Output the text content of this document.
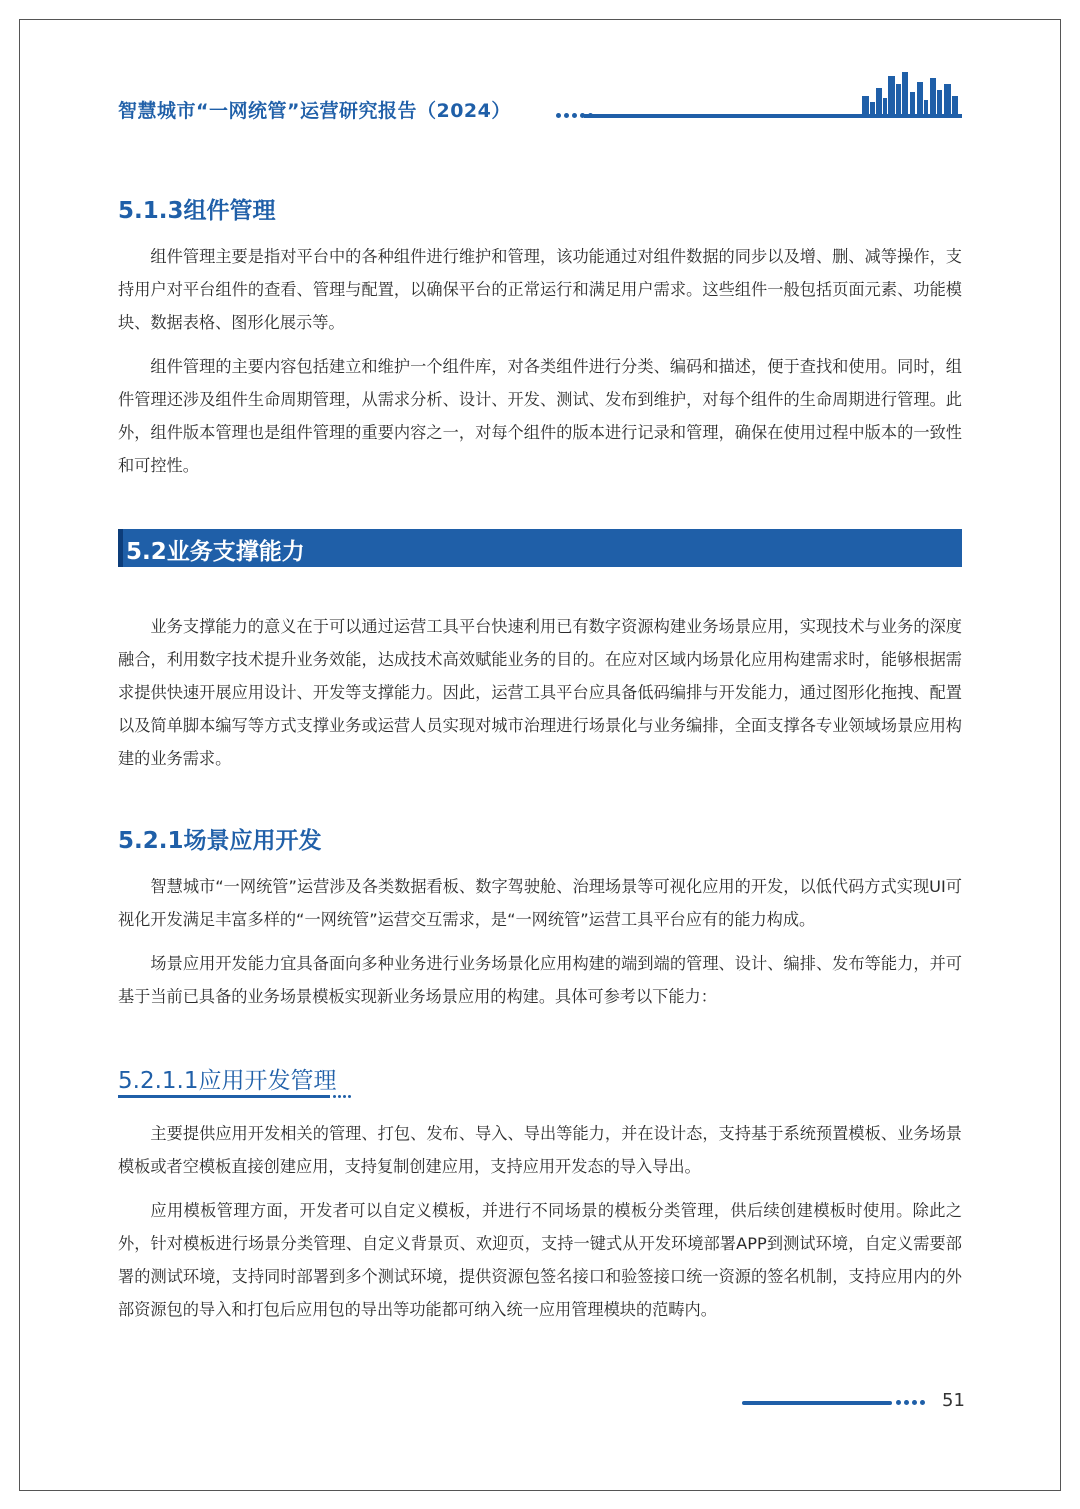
智慧城市“一网统管”运营研究报告（2024）
5.1.3组件管理

组件管理主要是指对平台中的各种组件进行维护和管理，该功能通过对组件数据的同步以及增、删、减等操作，支持用户对平台组件的查看、管理与配置，以确保平台的正常运行和满足用户需求。这些组件一般包括页面元素、功能模块、数据表格、图形化展示等。

组件管理的主要内容包括建立和维护一个组件库，对各类组件进行分类、编码和描述，便于查找和使用。同时，组件管理还涉及组件生命周期管理，从需求分析、设计、开发、测试、发布到维护，对每个组件的生命周期进行管理。此外，组件版本管理也是组件管理的重要内容之一，对每个组件的版本进行记录和管理，确保在使用过程中版本的一致性和可控性。

5.2业务支撑能力

业务支撑能力的意义在于可以通过运营工具平台快速利用已有数字资源构建业务场景应用，实现技术与业务的深度融合，利用数字技术提升业务效能，达成技术高效赋能业务的目的。在应对区域内场景化应用构建需求时，能够根据需求提供快速开展应用设计、开发等支撑能力。因此，运营工具平台应具备低码编排与开发能力，通过图形化拖拽、配置以及简单脚本编写等方式支撑业务或运营人员实现对城市治理进行场景化与业务编排，全面支撑各专业领域场景应用构建的业务需求。

5.2.1场景应用开发

智慧城市“一网统管”运营涉及各类数据看板、数字驾驶舱、治理场景等可视化应用的开发，以低代码方式实现UI可视化开发满足丰富多样的“一网统管”运营交互需求，是“一网统管”运营工具平台应有的能力构成。

场景应用开发能力宜具备面向多种业务进行业务场景化应用构建的端到端的管理、设计、编排、发布等能力，并可基于当前已具备的业务场景模板实现新业务场景应用的构建。具体可参考以下能力：

5.2.1.1应用开发管理

主要提供应用开发相关的管理、打包、发布、导入、导出等能力，并在设计态，支持基于系统预置模板、业务场景模板或者空模板直接创建应用，支持复制创建应用，支持应用开发态的导入导出。

应用模板管理方面，开发者可以自定义模板，并进行不同场景的模板分类管理，供后续创建模板时使用。除此之外，针对模板进行场景分类管理、自定义背景页、欢迎页，支持一键式从开发环境部署APP到测试环境，自定义需要部署的测试环境，支持同时部署到多个测试环境，提供资源包签名接口和验签接口统一资源的签名机制，支持应用内的外部资源包的导入和打包后应用包的导出等功能都可纳入统一应用管理模块的范畴内。

51
